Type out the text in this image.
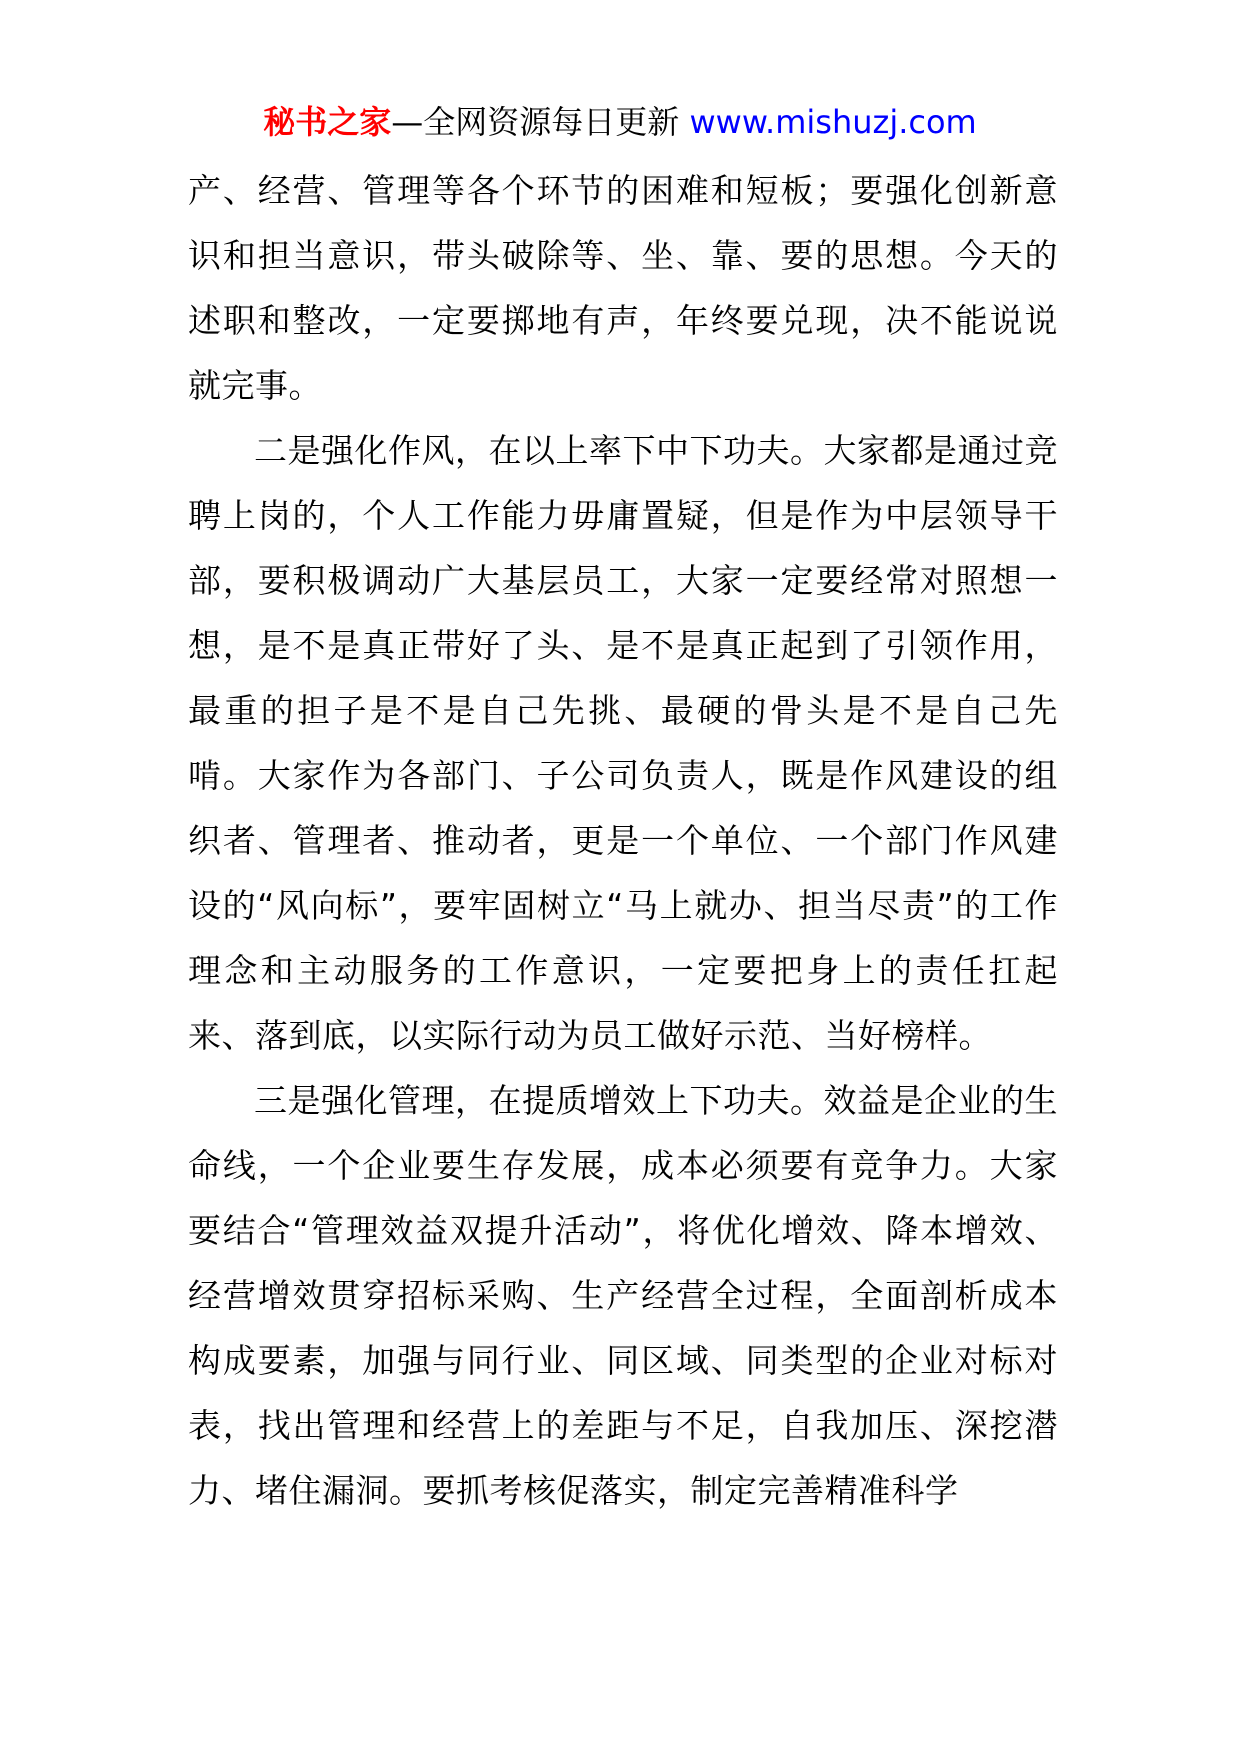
秘书之家—全网资源每日更新 www.mishuzj.com

产、经营、管理等各个环节的困难和短板；要强化创新意识和担当意识，带头破除等、坐、靠、要的思想。今天的述职和整改，一定要掷地有声，年终要兑现，决不能说说就完事。

二是强化作风，在以上率下中下功夫。大家都是通过竞聘上岗的，个人工作能力毋庸置疑，但是作为中层领导干部，要积极调动广大基层员工，大家一定要经常对照想一想，是不是真正带好了头、是不是真正起到了引领作用，最重的担子是不是自己先挑、最硬的骨头是不是自己先啃。大家作为各部门、子公司负责人，既是作风建设的组织者、管理者、推动者，更是一个单位、一个部门作风建设的“风向标”，要牢固树立“马上就办、担当尽责”的工作理念和主动服务的工作意识，一定要把身上的责任扛起来、落到底，以实际行动为员工做好示范、当好榜样。

三是强化管理，在提质增效上下功夫。效益是企业的生命线，一个企业要生存发展，成本必须要有竞争力。大家要结合“管理效益双提升活动”，将优化增效、降本增效、经营增效贯穿招标采购、生产经营全过程，全面剖析成本构成要素，加强与同行业、同区域、同类型的企业对标对表，找出管理和经营上的差距与不足，自我加压、深挖潜力、堵住漏洞。要抓考核促落实，制定完善精准科学
